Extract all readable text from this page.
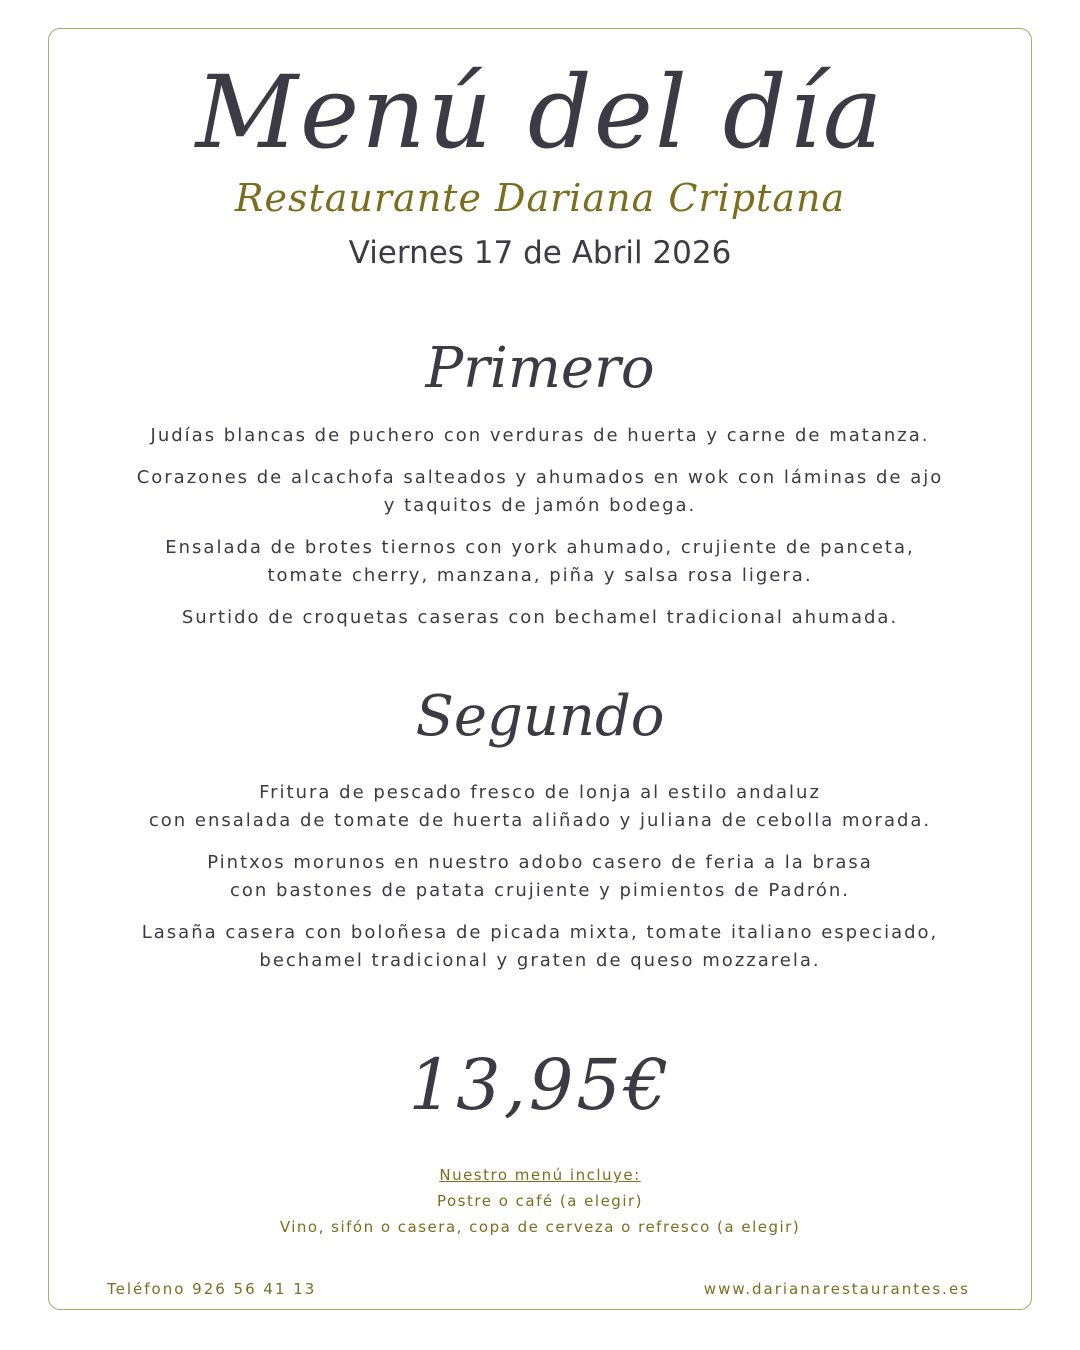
Menú del día
Restaurante Dariana Criptana
Viernes 17 de Abril 2026
Primero
Judías blancas de puchero con verduras de huerta y carne de matanza.
Corazones de alcachofa salteados y ahumados en wok con láminas de ajo
y taquitos de jamón bodega.
Ensalada de brotes tiernos con york ahumado, crujiente de panceta,
tomate cherry, manzana, piña y salsa rosa ligera.
Surtido de croquetas caseras con bechamel tradicional ahumada.
Segundo
Fritura de pescado fresco de lonja al estilo andaluz
con ensalada de tomate de huerta aliñado y juliana de cebolla morada.
Pintxos morunos en nuestro adobo casero de feria a la brasa
con bastones de patata crujiente y pimientos de Padrón.
Lasaña casera con boloñesa de picada mixta, tomate italiano especiado,
bechamel tradicional y graten de queso mozzarela.
13,95€
Nuestro menú incluye:
Postre o café (a elegir)
Vino, sifón o casera, copa de cerveza o refresco (a elegir)
Teléfono 926 56 41 13	www.darianarestaurantes.es
